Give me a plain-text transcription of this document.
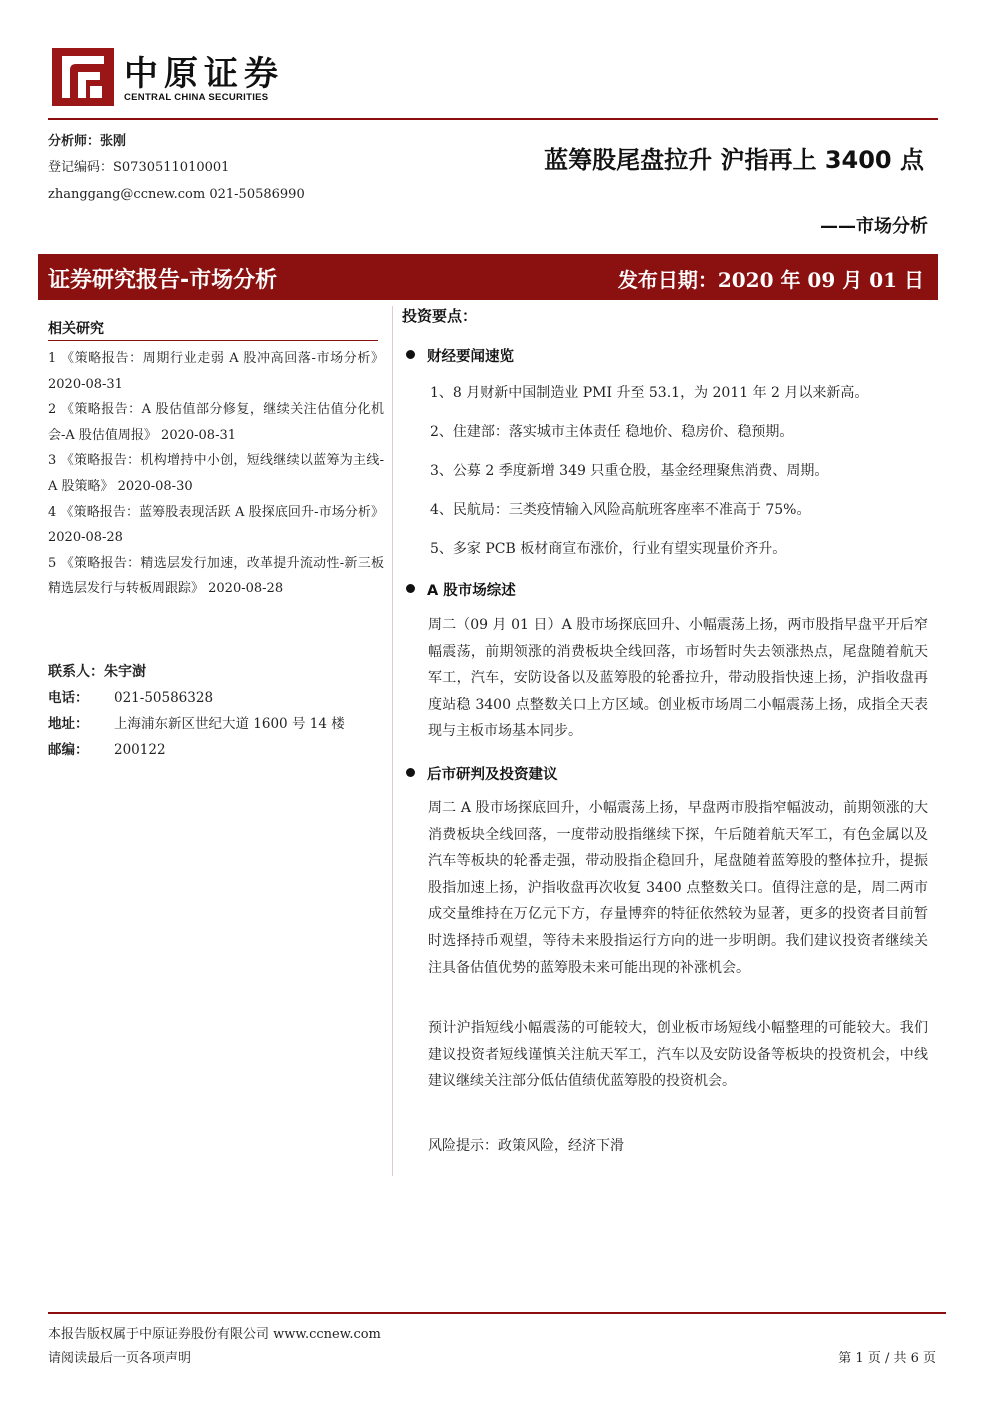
中原证券
CENTRAL CHINA SECURITIES
分析师：张刚
登记编码：S0730511010001
zhanggang@ccnew.com 021-50586990
蓝筹股尾盘拉升 沪指再上 3400 点
——市场分析
证券研究报告-市场分析	发布日期：2020 年 09 月 01 日
相关研究
1 《策略报告：周期行业走弱 A 股冲高回落-市场分析》 2020-08-31
2 《策略报告：A 股估值部分修复，继续关注估值分化机会-A 股估值周报》 2020-08-31
3 《策略报告：机构增持中小创，短线继续以蓝筹为主线-A 股策略》 2020-08-30
4 《策略报告：蓝筹股表现活跃 A 股探底回升-市场分析》 2020-08-28
5 《策略报告：精选层发行加速，改革提升流动性-新三板精选层发行与转板周跟踪》 2020-08-28
联系人：朱宇澍
电话： 021-50586328
地址： 上海浦东新区世纪大道 1600 号 14 楼
邮编： 200122
投资要点：
财经要闻速览
1、8 月财新中国制造业 PMI 升至 53.1，为 2011 年 2 月以来新高。
2、住建部：落实城市主体责任 稳地价、稳房价、稳预期。
3、公募 2 季度新增 349 只重仓股，基金经理聚焦消费、周期。
4、民航局：三类疫情输入风险高航班客座率不准高于 75%。
5、多家 PCB 板材商宣布涨价，行业有望实现量价齐升。
A 股市场综述

周二（09 月 01 日）A 股市场探底回升、小幅震荡上扬，两市股指早盘平开后窄幅震荡，前期领涨的消费板块全线回落，市场暂时失去领涨热点，尾盘随着航天军工，汽车，安防设备以及蓝筹股的轮番拉升，带动股指快速上扬，沪指收盘再度站稳 3400 点整数关口上方区域。创业板市场周二小幅震荡上扬，成指全天表现与主板市场基本同步。

后市研判及投资建议

周二 A 股市场探底回升，小幅震荡上扬，早盘两市股指窄幅波动，前期领涨的大消费板块全线回落，一度带动股指继续下探，午后随着航天军工，有色金属以及汽车等板块的轮番走强，带动股指企稳回升，尾盘随着蓝筹股的整体拉升，提振股指加速上扬，沪指收盘再次收复 3400 点整数关口。值得注意的是，周二两市成交量维持在万亿元下方，存量博弈的特征依然较为显著，更多的投资者目前暂时选择持币观望，等待未来股指运行方向的进一步明朗。我们建议投资者继续关注具备估值优势的蓝筹股未来可能出现的补涨机会。

预计沪指短线小幅震荡的可能较大，创业板市场短线小幅整理的可能较大。我们建议投资者短线谨慎关注航天军工，汽车以及安防设备等板块的投资机会，中线建议继续关注部分低估值绩优蓝筹股的投资机会。

风险提示：政策风险，经济下滑
本报告版权属于中原证券股份有限公司 www.ccnew.com
请阅读最后一页各项声明	第 1 页 / 共 6 页
